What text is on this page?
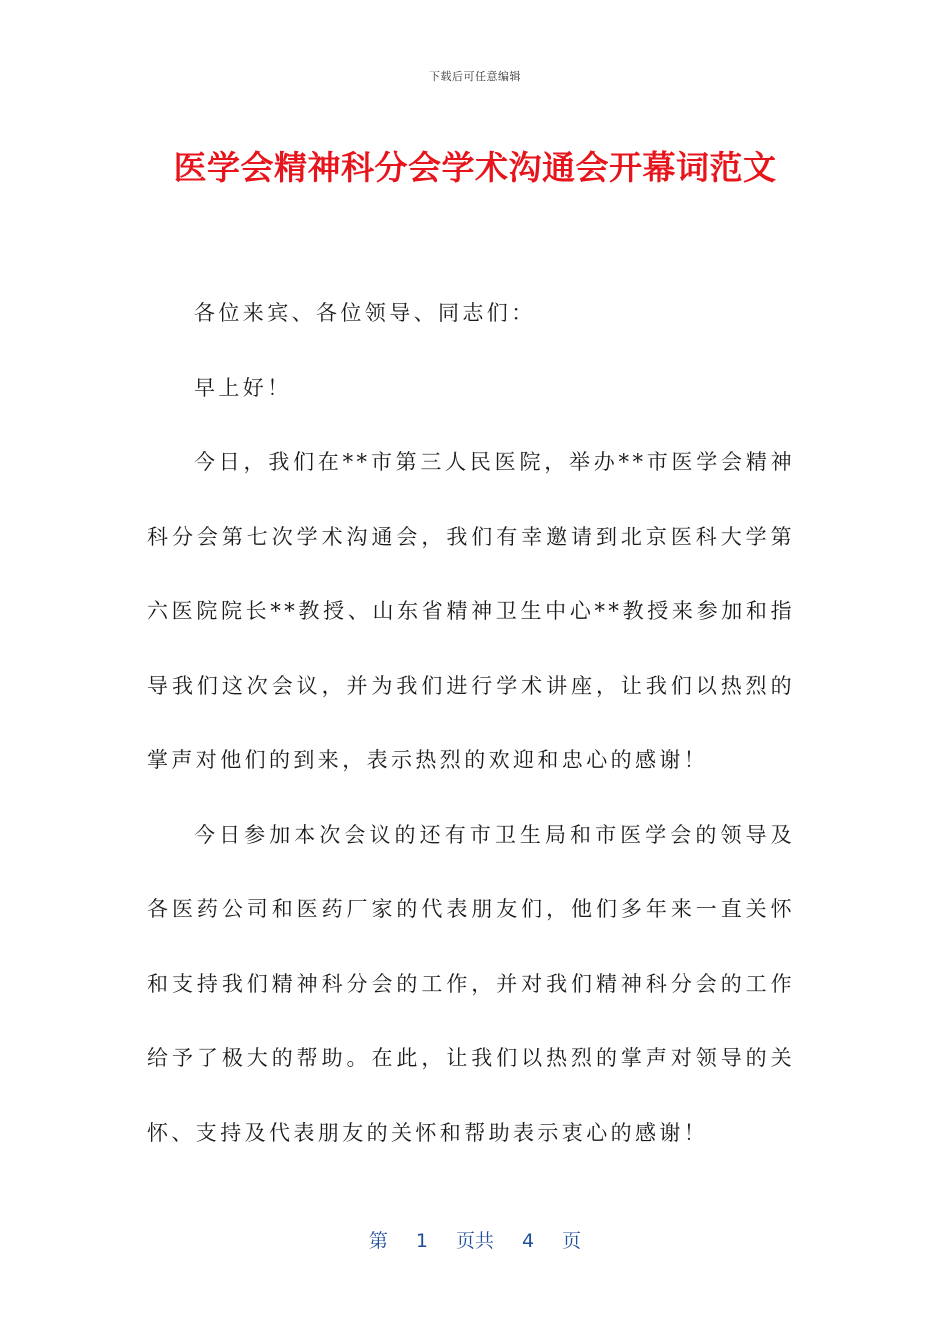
下载后可任意编辑
医学会精神科分会学术沟通会开幕词范文

各位来宾、各位领导、同志们：

早上好！

今日，我们在**市第三人民医院，举办**市医学会精神科分会第七次学术沟通会，我们有幸邀请到北京医科大学第六医院院长**教授、山东省精神卫生中心**教授来参加和指导我们这次会议，并为我们进行学术讲座，让我们以热烈的掌声对他们的到来，表示热烈的欢迎和忠心的感谢！

今日参加本次会议的还有市卫生局和市医学会的领导及各医药公司和医药厂家的代表朋友们，他们多年来一直关怀和支持我们精神科分会的工作，并对我们精神科分会的工作给予了极大的帮助。在此，让我们以热烈的掌声对领导的关怀、支持及代表朋友的关怀和帮助表示衷心的感谢！

第 1 页共 4 页
